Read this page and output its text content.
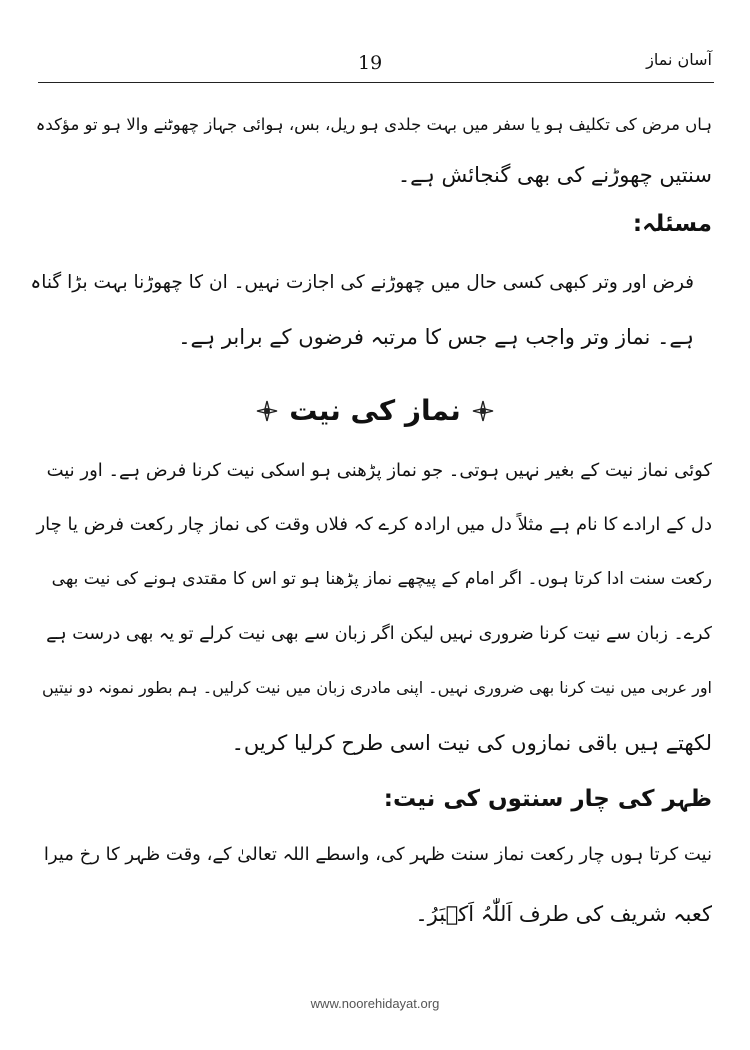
آسان نماز
19
ہاں مرض کی تکلیف ہو یا سفر میں بہت جلدی ہو ریل، بس، ہوائی جہاز چھوٹنے والا ہو تو مؤکدہ
سنتیں چھوڑنے کی بھی گنجائش ہے۔
مسئلہ:
فرض اور وتر کبھی کسی حال میں چھوڑنے کی اجازت نہیں۔ ان کا چھوڑنا بہت بڑا گناہ
ہے۔ نماز وتر واجب ہے جس کا مرتبہ فرضوں کے برابر ہے۔
نماز کی نیت
کوئی نماز نیت کے بغیر نہیں ہوتی۔ جو نماز پڑھنی ہو اسکی نیت کرنا فرض ہے۔ اور نیت
دل کے ارادے کا نام ہے مثلاً دل میں ارادہ کرے کہ فلاں وقت کی نماز چار رکعت فرض یا چار
رکعت سنت ادا کرتا ہوں۔ اگر امام کے پیچھے نماز پڑھنا ہو تو اس کا مقتدی ہونے کی نیت بھی
کرے۔ زبان سے نیت کرنا ضروری نہیں لیکن اگر زبان سے بھی نیت کرلے تو یہ بھی درست ہے
اور عربی میں نیت کرنا بھی ضروری نہیں۔ اپنی مادری زبان میں نیت کرلیں۔ ہم بطور نمونہ دو نیتیں
لکھتے ہیں باقی نمازوں کی نیت اسی طرح کرلیا کریں۔
ظہر کی چار سنتوں کی نیت:
نیت کرتا ہوں چار رکعت نماز سنت ظہر کی، واسطے اللہ تعالیٰ کے، وقت ظہر کا رخ میرا
کعبہ شریف کی طرف اَللّٰہُ اَکۡبَرُ۔
www.noorehidayat.org
